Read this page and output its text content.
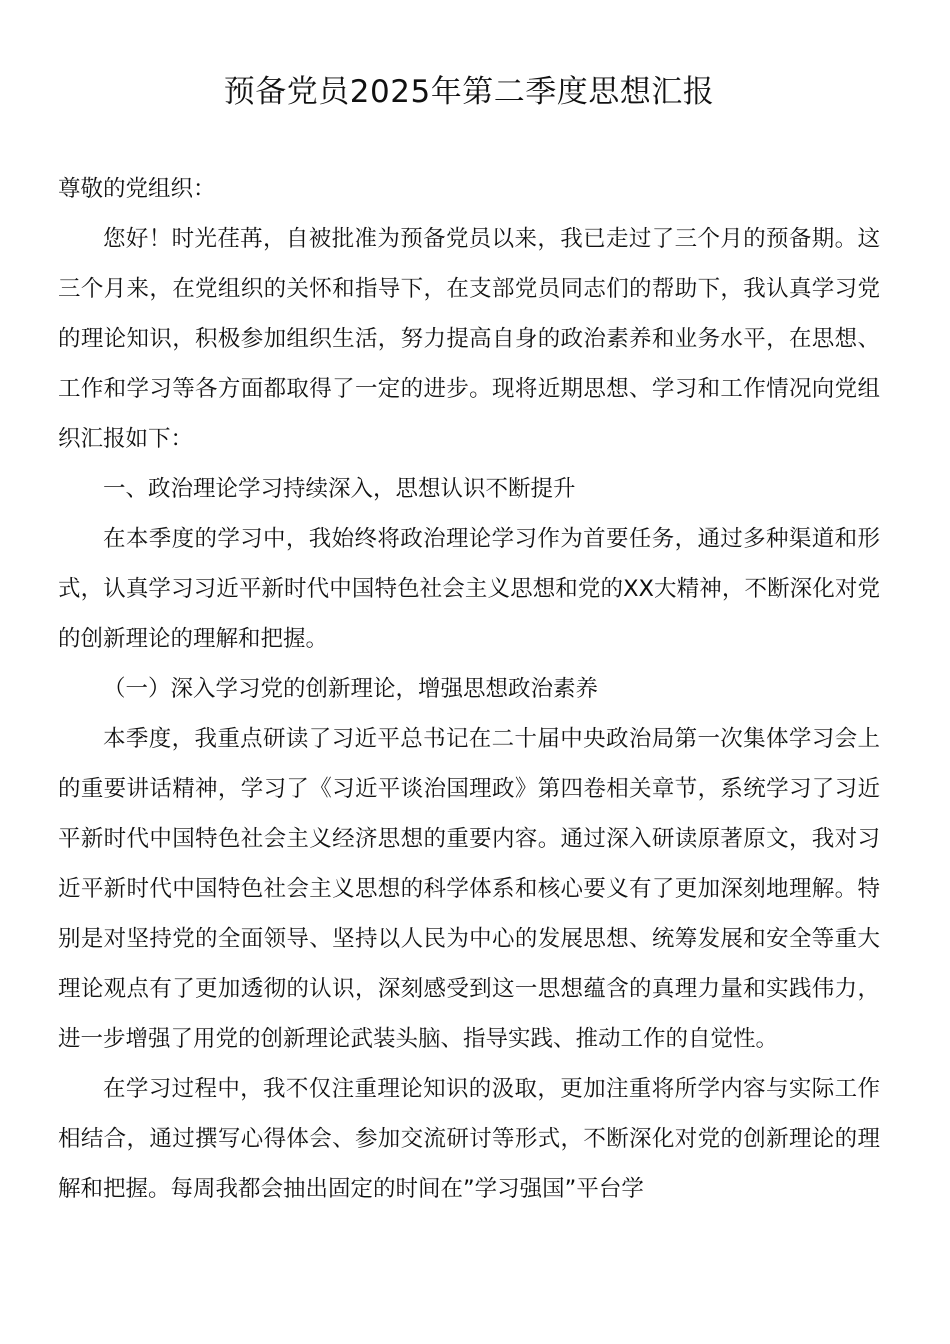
预备党员2025年第二季度思想汇报

尊敬的党组织：

您好！时光荏苒，自被批准为预备党员以来，我已走过了三个月的预备期。这三个月来，在党组织的关怀和指导下，在支部党员同志们的帮助下，我认真学习党的理论知识，积极参加组织生活，努力提高自身的政治素养和业务水平，在思想、工作和学习等各方面都取得了一定的进步。现将近期思想、学习和工作情况向党组织汇报如下：

一、政治理论学习持续深入，思想认识不断提升

在本季度的学习中，我始终将政治理论学习作为首要任务，通过多种渠道和形式，认真学习习近平新时代中国特色社会主义思想和党的XX大精神，不断深化对党的创新理论的理解和把握。

（一）深入学习党的创新理论，增强思想政治素养

本季度，我重点研读了习近平总书记在二十届中央政治局第一次集体学习会上的重要讲话精神，学习了《习近平谈治国理政》第四卷相关章节，系统学习了习近平新时代中国特色社会主义经济思想的重要内容。通过深入研读原著原文，我对习近平新时代中国特色社会主义思想的科学体系和核心要义有了更加深刻地理解。特别是对坚持党的全面领导、坚持以人民为中心的发展思想、统筹发展和安全等重大理论观点有了更加透彻的认识，深刻感受到这一思想蕴含的真理力量和实践伟力，进一步增强了用党的创新理论武装头脑、指导实践、推动工作的自觉性。

在学习过程中，我不仅注重理论知识的汲取，更加注重将所学内容与实际工作相结合，通过撰写心得体会、参加交流研讨等形式，不断深化对党的创新理论的理解和把握。每周我都会抽出固定的时间在”学习强国”平台学
